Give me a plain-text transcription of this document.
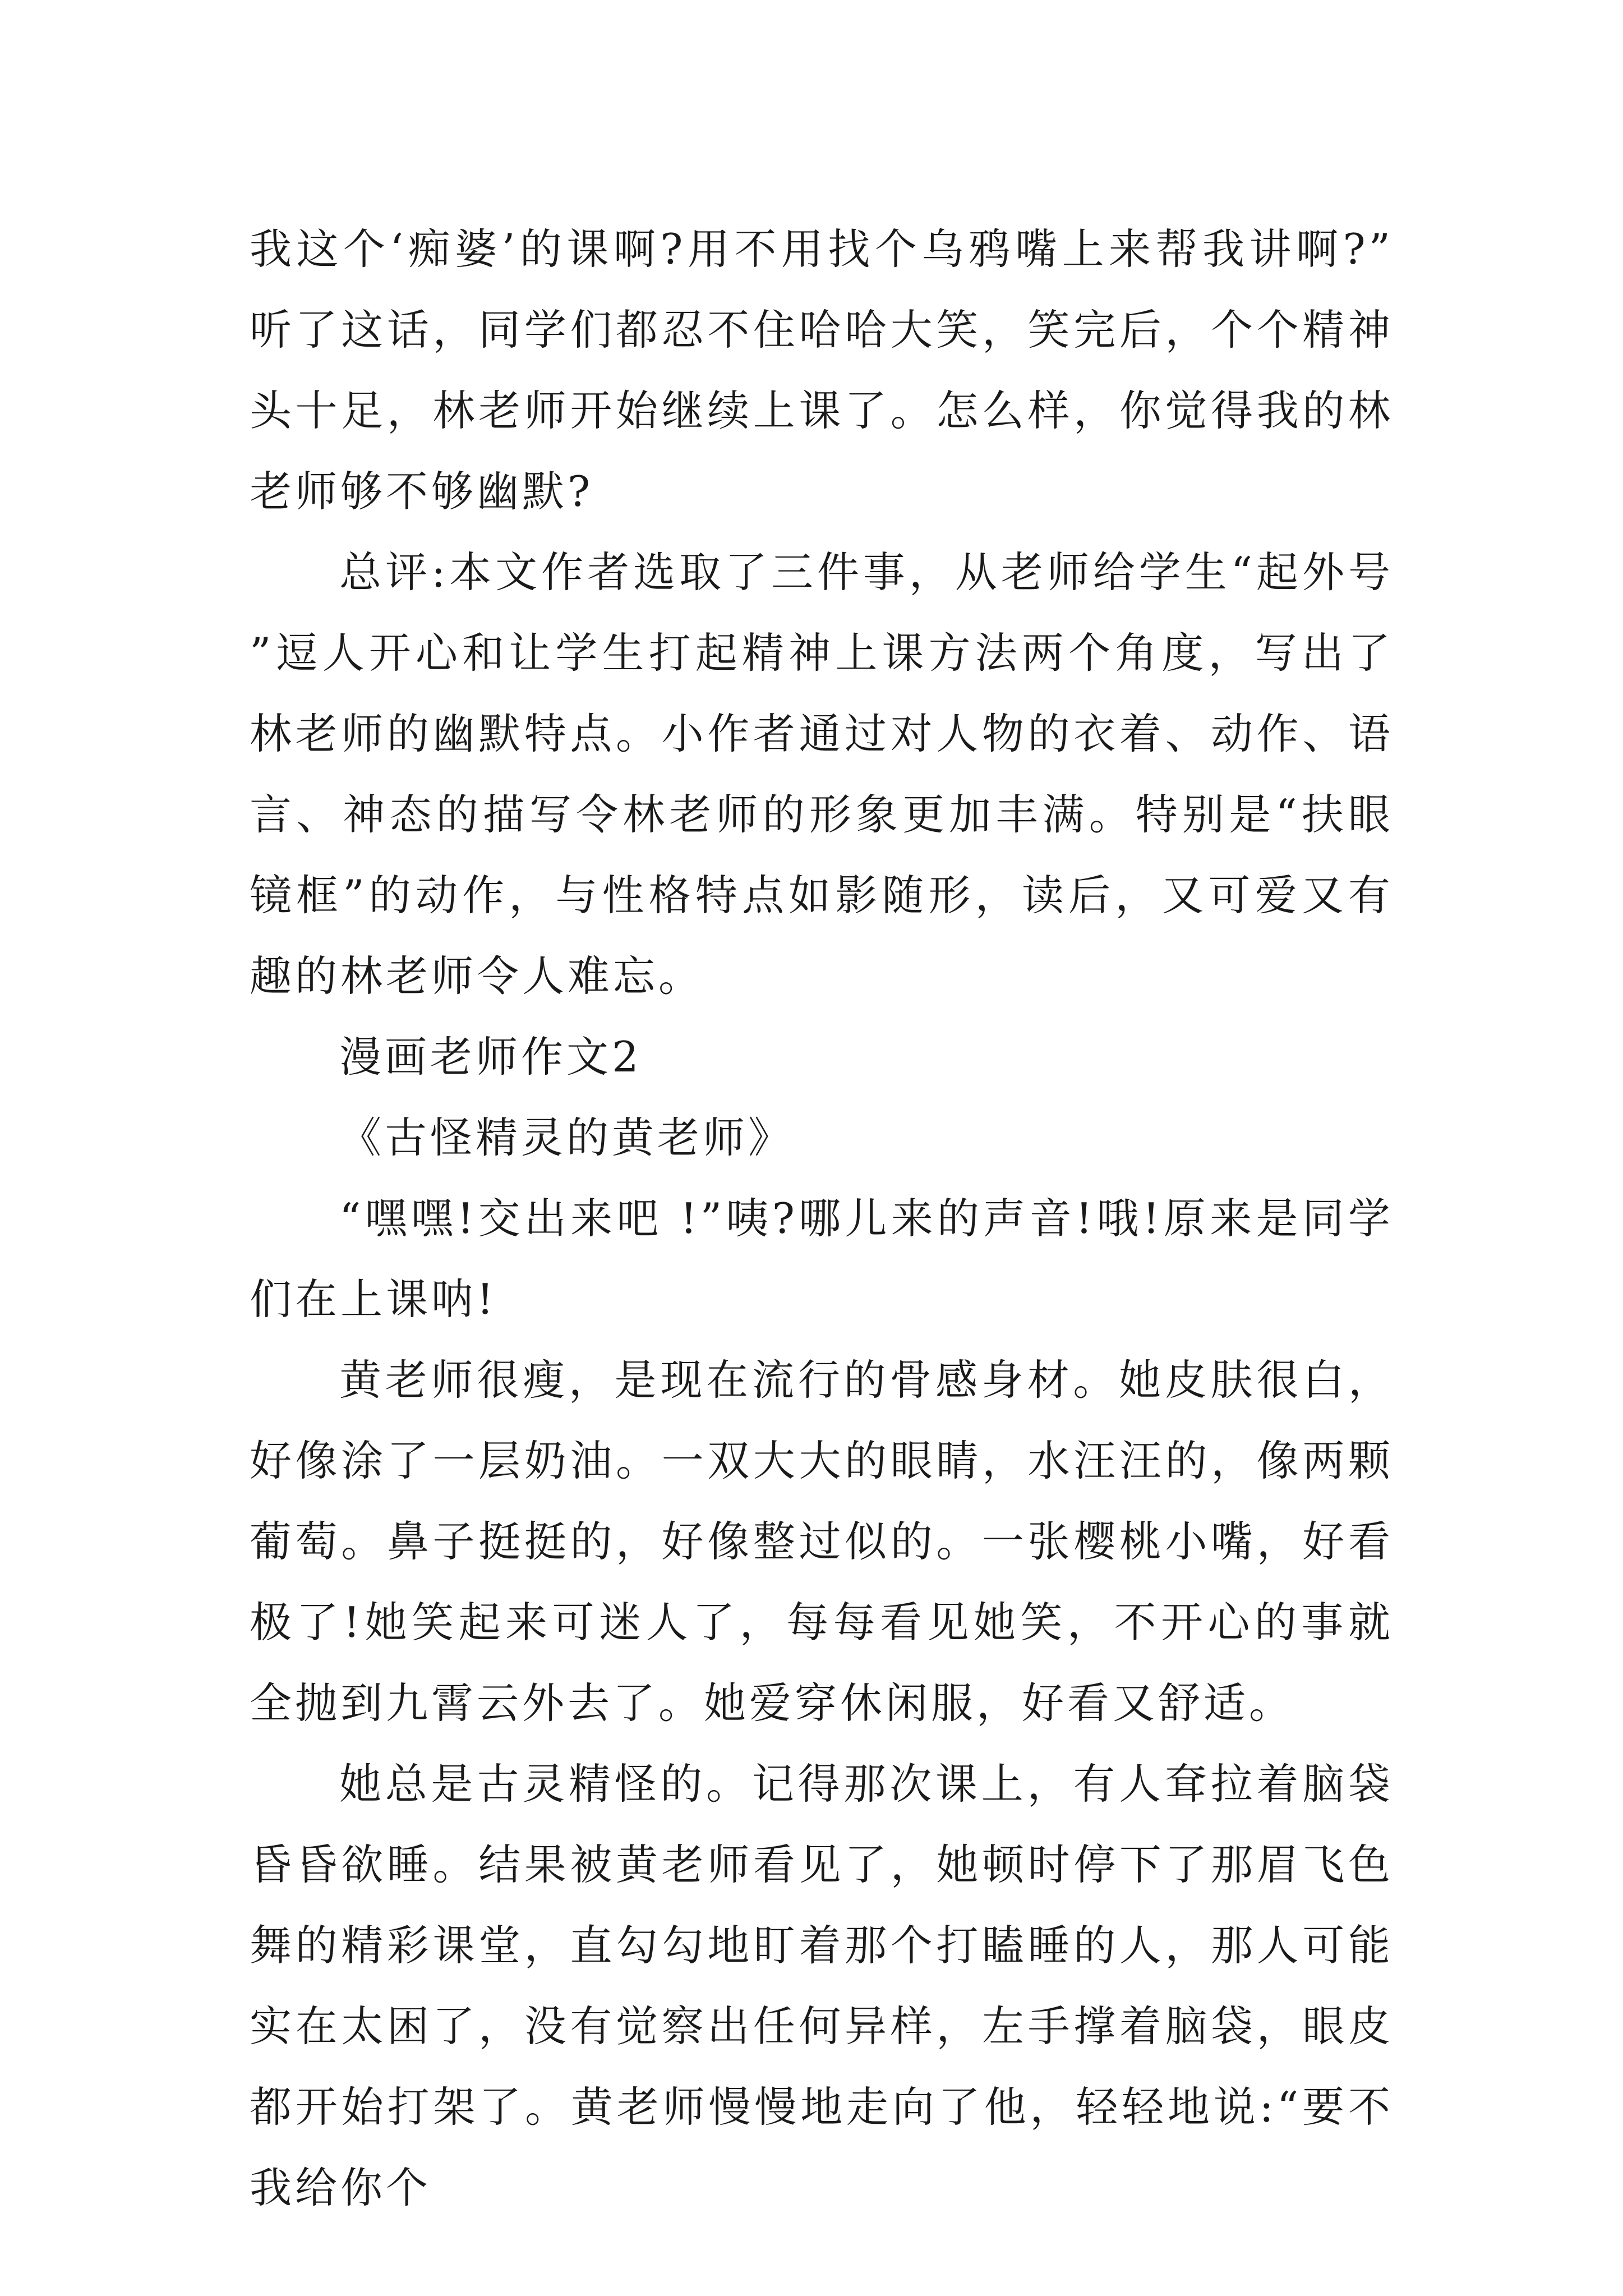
我这个‘痴婆’的课啊?用不用找个乌鸦嘴上来帮我讲啊?”听了这话，同学们都忍不住哈哈大笑，笑完后，个个精神头十足，林老师开始继续上课了。怎么样，你觉得我的林老师够不够幽默?

总评:本文作者选取了三件事，从老师给学生“起外号”逗人开心和让学生打起精神上课方法两个角度，写出了林老师的幽默特点。小作者通过对人物的衣着、动作、语言、神态的描写令林老师的形象更加丰满。特别是“扶眼镜框”的动作，与性格特点如影随形，读后，又可爱又有趣的林老师令人难忘。

漫画老师作文2

《古怪精灵的黄老师》

“嘿嘿!交出来吧 !”咦?哪儿来的声音!哦!原来是同学们在上课呐!

黄老师很瘦，是现在流行的骨感身材。她皮肤很白，好像涂了一层奶油。一双大大的眼睛，水汪汪的，像两颗葡萄。鼻子挺挺的，好像整过似的。一张樱桃小嘴，好看极了!她笑起来可迷人了，每每看见她笑，不开心的事就全抛到九霄云外去了。她爱穿休闲服，好看又舒适。

她总是古灵精怪的。记得那次课上，有人耷拉着脑袋昏昏欲睡。结果被黄老师看见了，她顿时停下了那眉飞色舞的精彩课堂，直勾勾地盯着那个打瞌睡的人，那人可能实在太困了，没有觉察出任何异样，左手撑着脑袋，眼皮都开始打架了。黄老师慢慢地走向了他，轻轻地说:“要不我给你个
